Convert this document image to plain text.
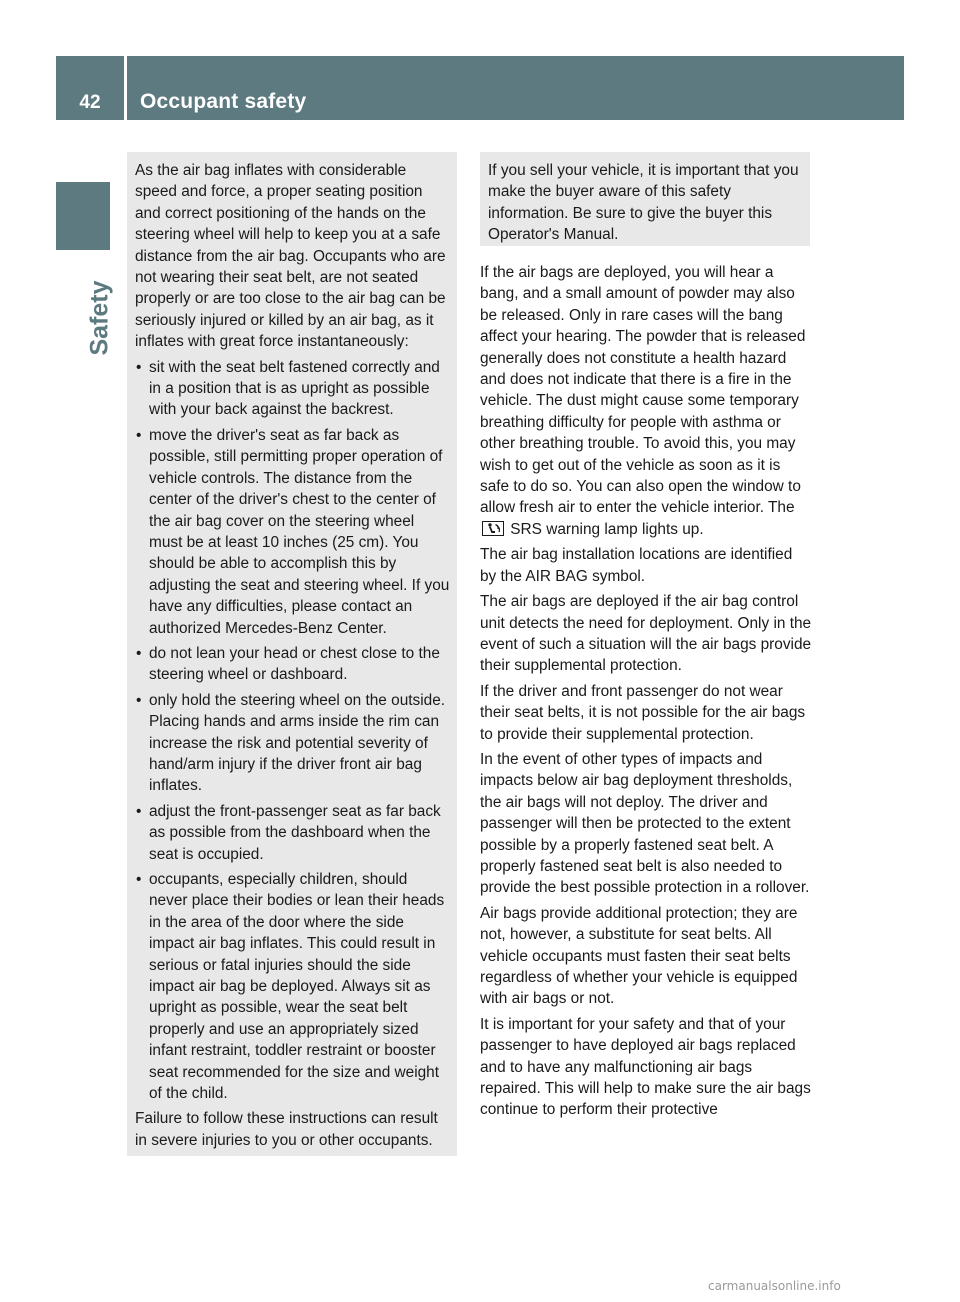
42	Occupant safety
Safety

As the air bag inflates with considerable speed and force, a proper seating position and correct positioning of the hands on the steering wheel will help to keep you at a safe distance from the air bag. Occupants who are not wearing their seat belt, are not seated properly or are too close to the air bag can be seriously injured or killed by an air bag, as it inflates with great force instantaneously:

• sit with the seat belt fastened correctly and in a position that is as upright as possible with your back against the backrest.
• move the driver's seat as far back as possible, still permitting proper operation of vehicle controls. The distance from the center of the driver's chest to the center of the air bag cover on the steering wheel must be at least 10 inches (25 cm). You should be able to accomplish this by adjusting the seat and steering wheel. If you have any difficulties, please contact an authorized Mercedes-Benz Center.
• do not lean your head or chest close to the steering wheel or dashboard.
• only hold the steering wheel on the outside. Placing hands and arms inside the rim can increase the risk and potential severity of hand/arm injury if the driver front air bag inflates.
• adjust the front-passenger seat as far back as possible from the dashboard when the seat is occupied.
• occupants, especially children, should never place their bodies or lean their heads in the area of the door where the side impact air bag inflates. This could result in serious or fatal injuries should the side impact air bag be deployed. Always sit as upright as possible, wear the seat belt properly and use an appropriately sized infant restraint, toddler restraint or booster seat recommended for the size and weight of the child.

Failure to follow these instructions can result in severe injuries to you or other occupants.

If you sell your vehicle, it is important that you make the buyer aware of this safety information. Be sure to give the buyer this Operator's Manual.

If the air bags are deployed, you will hear a bang, and a small amount of powder may also be released. Only in rare cases will the bang affect your hearing. The powder that is released generally does not constitute a health hazard and does not indicate that there is a fire in the vehicle. The dust might cause some temporary breathing difficulty for people with asthma or other breathing trouble. To avoid this, you may wish to get out of the vehicle as soon as it is safe to do so. You can also open the window to allow fresh air to enter the vehicle interior. The
SRS warning lamp lights up.

The air bag installation locations are identified by the AIR BAG symbol.

The air bags are deployed if the air bag control unit detects the need for deployment. Only in the event of such a situation will the air bags provide their supplemental protection.

If the driver and front passenger do not wear their seat belts, it is not possible for the air bags to provide their supplemental protection.

In the event of other types of impacts and impacts below air bag deployment thresholds, the air bags will not deploy. The driver and passenger will then be protected to the extent possible by a properly fastened seat belt. A properly fastened seat belt is also needed to provide the best possible protection in a rollover.

Air bags provide additional protection; they are not, however, a substitute for seat belts. All vehicle occupants must fasten their seat belts regardless of whether your vehicle is equipped with air bags or not.

It is important for your safety and that of your passenger to have deployed air bags replaced and to have any malfunctioning air bags repaired. This will help to make sure the air bags continue to perform their protective

carmanualsonline.info
